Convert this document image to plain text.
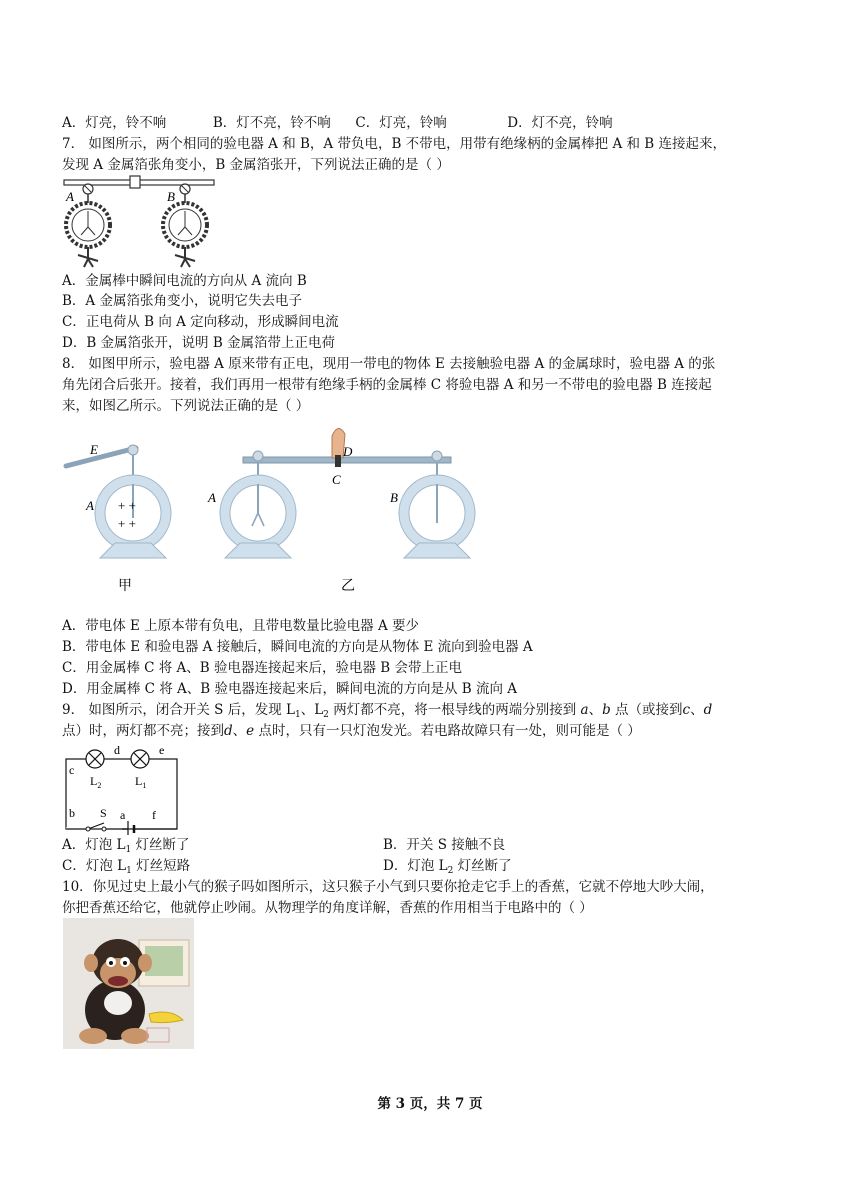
A．灯亮，铃不响	B．灯不亮，铃不响 C．灯亮，铃响	D．灯不亮，铃响
7． 如图所示，两个相同的验电器 A 和 B，A 带负电，B 不带电，用带有绝缘柄的金属棒把 A 和 B 连接起来，
发现 A 金属箔张角变小，B 金属箔张开，下列说法正确的是（ ）
A	B
A．金属棒中瞬间电流的方向从 A 流向 B
B．A 金属箔张角变小，说明它失去电子
C．正电荷从 B 向 A 定向移动，形成瞬间电流
D．B 金属箔张开，说明 B 金属箔带上正电荷
8． 如图甲所示，验电器 A 原来带有正电，现用一带电的物体 E 去接触验电器 A 的金属球时，验电器 A 的张
角先闭合后张开。接着，我们再用一根带有绝缘手柄的金属棒 C 将验电器 A 和另一不带电的验电器 B 连接起
来，如图乙所示。下列说法正确的是（ ）
E
+ +
+ +
A
甲
D
C
A	B
乙
A．带电体 E 上原本带有负电，且带电数量比验电器 A 要少
B．带电体 E 和验电器 A 接触后，瞬间电流的方向是从物体 E 流向到验电器 A
C．用金属棒 C 将 A、B 验电器连接起来后，验电器 B 会带上正电
D．用金属棒 C 将 A、B 验电器连接起来后，瞬间电流的方向是从 B 流向 A
9． 如图所示，闭合开关 S 后，发现 $L_1$、$L_2$ 两灯都不亮，将一根导线的两端分别接到 a、b 点（或接到c、d
点）时，两灯都不亮；接到d、e 点时，只有一只灯泡发光。若电路故障只有一处，则可能是（ ）
c
d	e
b S a f
$L_2$	$L_1$
A．灯泡 $L_1$ 灯丝断了	B．开关 S 接触不良
C．灯泡 $L_1$ 灯丝短路	D．灯泡 $L_2$ 灯丝断了
10．你见过史上最小气的猴子吗如图所示，这只猴子小气到只要你抢走它手上的香蕉，它就不停地大吵大闹，
你把香蕉还给它，他就停止吵闹。从物理学的角度详解，香蕉的作用相当于电路中的（ ）
第 3 页，共 7 页
